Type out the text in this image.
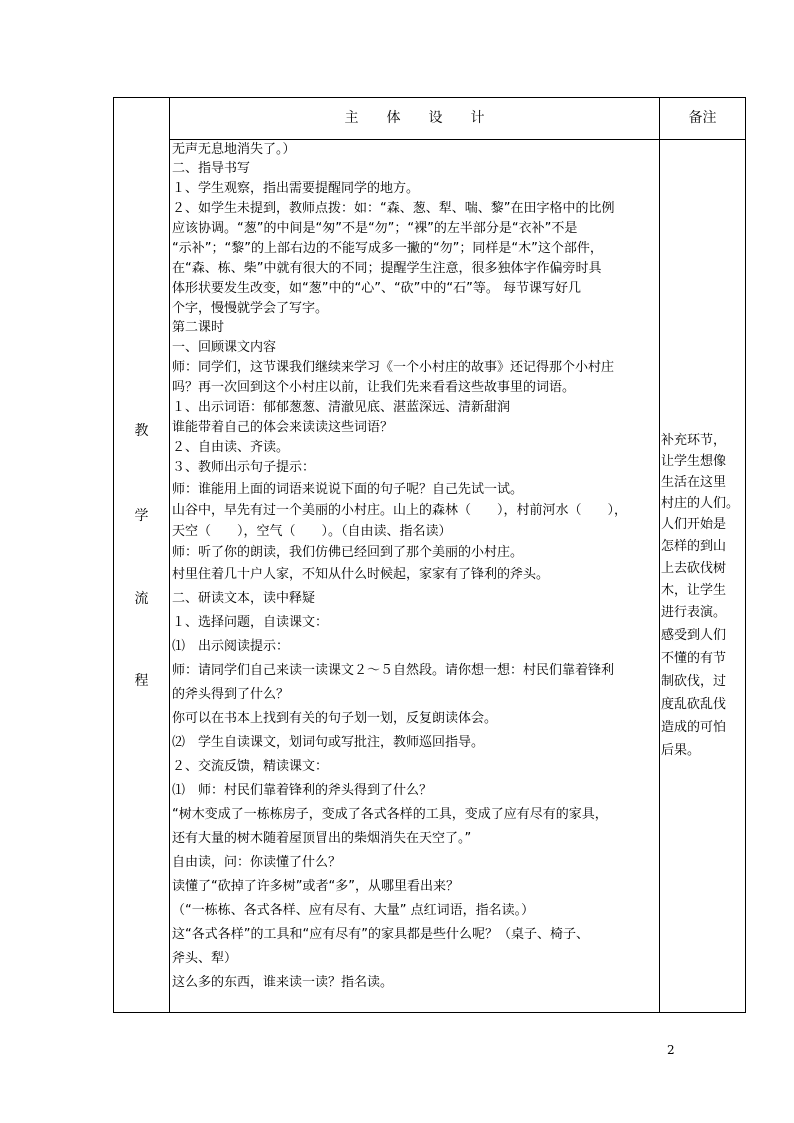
主　　体　　设　　计	备注
教
学
流
程
无声无息地消失了。）
二、指导书写
１、学生观察，指出需要提醒同学的地方。
２、如学生未提到，教师点拨：如：“森、葱、犁、喘、黎”在田字格中的比例
应该协调。“葱”的中间是“匆”不是“勿”；“裸”的左半部分是“衣补”不是
“示补”；“黎”的上部右边的不能写成多一撇的“勿”；同样是“木”这个部件，
在“森、栋、柴”中就有很大的不同；提醒学生注意，很多独体字作偏旁时具
体形状要发生改变，如“葱”中的“心”、“砍”中的“石”等。 每节课写好几
个字，慢慢就学会了写字。
第二课时
一、回顾课文内容
师：同学们，这节课我们继续来学习《一个小村庄的故事》还记得那个小村庄
吗？再一次回到这个小村庄以前，让我们先来看看这些故事里的词语。
１、出示词语：郁郁葱葱、清澈见底、湛蓝深远、清新甜润
谁能带着自己的体会来读读这些词语？
２、自由读、齐读。
３、教师出示句子提示：
师：谁能用上面的词语来说说下面的句子呢？自己先试一试。
山谷中，早先有过一个美丽的小村庄。山上的森林（　　），村前河水（　　），
天空（　　），空气（　　）。（自由读、指名读）
师：听了你的朗读，我们仿佛已经回到了那个美丽的小村庄。
村里住着几十户人家，不知从什么时候起，家家有了锋利的斧头。
二、研读文本，读中释疑
１、选择问题，自读课文：
⑴　出示阅读提示：
师：请同学们自己来读一读课文２～５自然段。请你想一想：村民们靠着锋利
的斧头得到了什么？
你可以在书本上找到有关的句子划一划，反复朗读体会。
⑵　学生自读课文，划词句或写批注，教师巡回指导。
２、交流反馈，精读课文：
⑴　师：村民们靠着锋利的斧头得到了什么？
“树木变成了一栋栋房子，变成了各式各样的工具，变成了应有尽有的家具，
还有大量的树木随着屋顶冒出的柴烟消失在天空了。”
自由读，问：你读懂了什么？
读懂了“砍掉了许多树”或者“多”，从哪里看出来？
（“一栋栋、各式各样、应有尽有、大量” 点红词语，指名读。）
这“各式各样”的工具和“应有尽有”的家具都是些什么呢？（桌子、椅子、
斧头、犁）
这么多的东西，谁来读一读？指名读。
补充环节，
让学生想像
生活在这里
村庄的人们。
人们开始是
怎样的到山
上去砍伐树
木，让学生
进行表演。
感受到人们
不懂的有节
制砍伐，过
度乱砍乱伐
造成的可怕
后果。
2
